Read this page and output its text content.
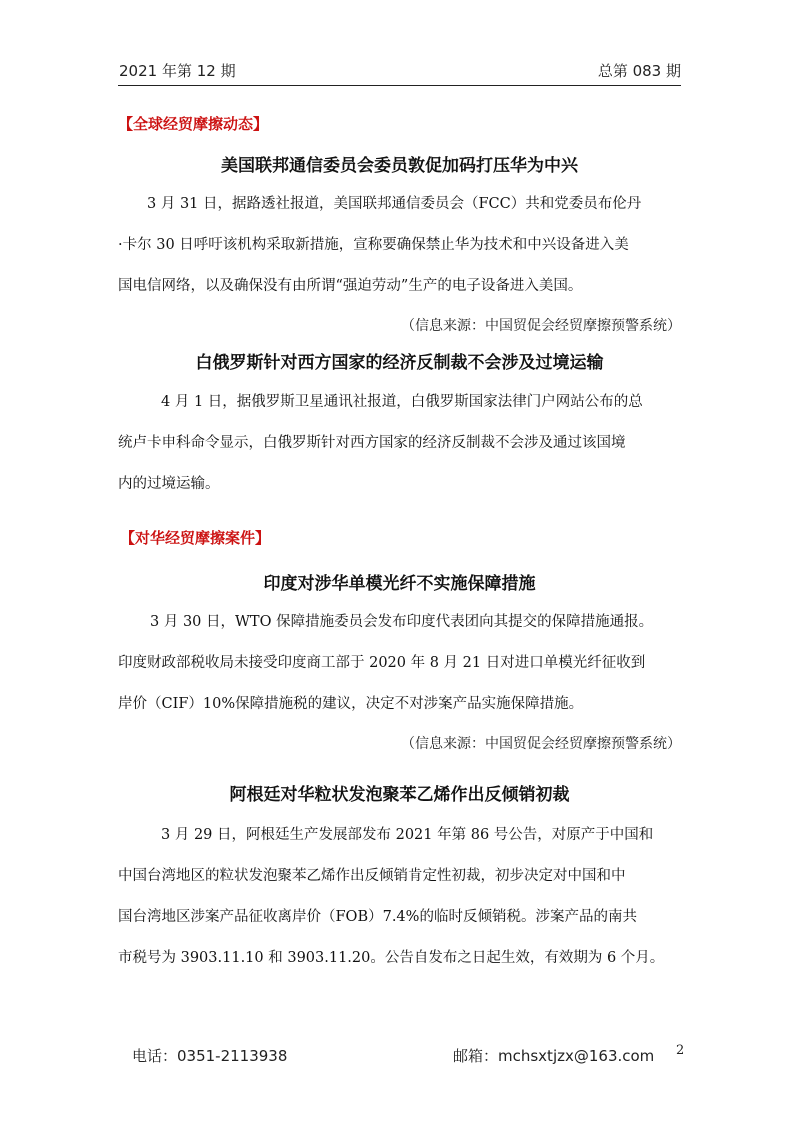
2021 年第 12 期	总第 083 期
【全球经贸摩擦动态】
美国联邦通信委员会委员敦促加码打压华为中兴
3 月 31 日，据路透社报道，美国联邦通信委员会（FCC）共和党委员布伦丹
·卡尔 30 日呼吁该机构采取新措施，宣称要确保禁止华为技术和中兴设备进入美
国电信网络，以及确保没有由所谓“强迫劳动”生产的电子设备进入美国。
（信息来源：中国贸促会经贸摩擦预警系统）
白俄罗斯针对西方国家的经济反制裁不会涉及过境运输
4 月 1 日，据俄罗斯卫星通讯社报道，白俄罗斯国家法律门户网站公布的总
统卢卡申科命令显示，白俄罗斯针对西方国家的经济反制裁不会涉及通过该国境
内的过境运输。
【对华经贸摩擦案件】
印度对涉华单模光纤不实施保障措施
3 月 30 日，WTO 保障措施委员会发布印度代表团向其提交的保障措施通报。
印度财政部税收局未接受印度商工部于 2020 年 8 月 21 日对进口单模光纤征收到
岸价（CIF）10%保障措施税的建议，决定不对涉案产品实施保障措施。
（信息来源：中国贸促会经贸摩擦预警系统）
阿根廷对华粒状发泡聚苯乙烯作出反倾销初裁
3 月 29 日，阿根廷生产发展部发布 2021 年第 86 号公告，对原产于中国和
中国台湾地区的粒状发泡聚苯乙烯作出反倾销肯定性初裁，初步决定对中国和中
国台湾地区涉案产品征收离岸价（FOB）7.4%的临时反倾销税。涉案产品的南共
市税号为 3903.11.10 和 3903.11.20。公告自发布之日起生效，有效期为 6 个月。
电话：0351-2113938	邮箱：mchsxtjzx@163.com 2
